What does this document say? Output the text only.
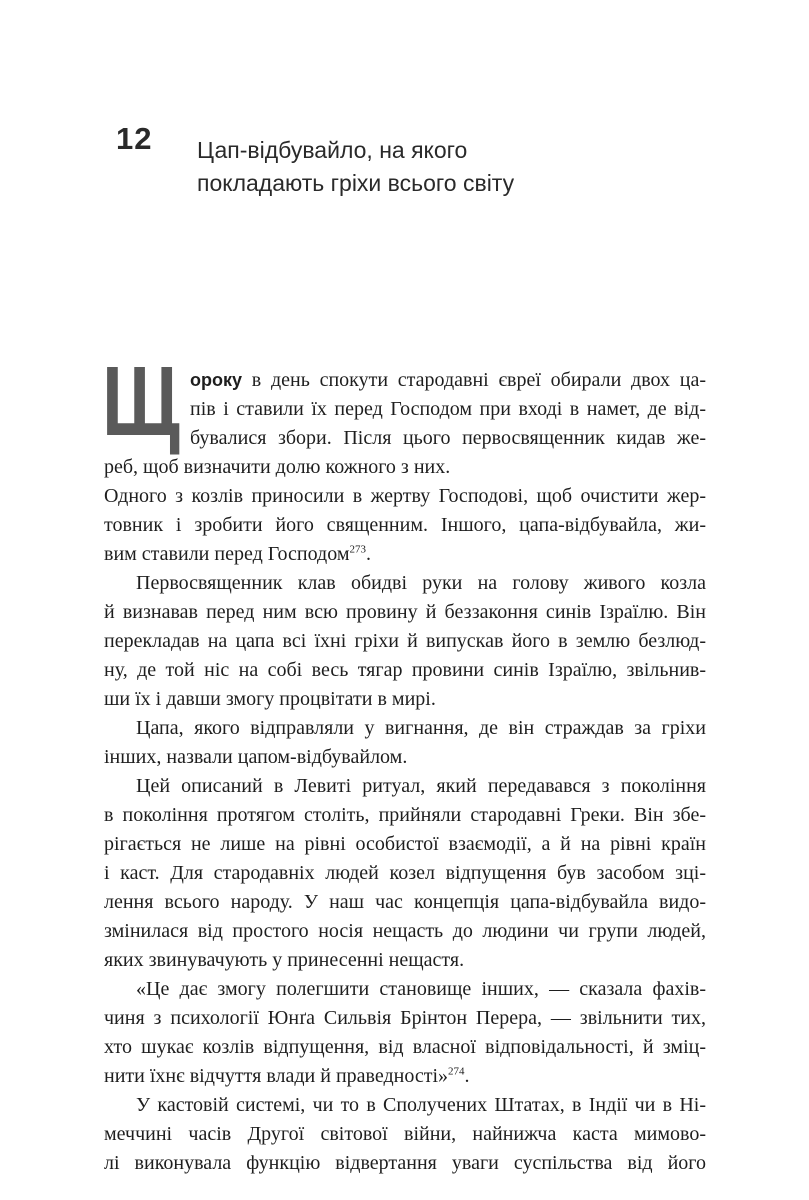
12 Цап-відбувайло, на якого
покладають гріхи всього світу
Щ ороку в день спокути стародавні євреї обирали двох ца-
пів і ставили їх перед Господом при вході в намет, де від-
бувалися збори. Після цього первосвященник кидав же-
реб, щоб визначити долю кожного з них.
Одного з козлів приносили в жертву Господові, щоб очистити жер-
товник і зробити його священним. Іншого, цапа-відбувайла, жи-
вим ставили перед Господом$^{273}$.
Первосвященник клав обидві руки на голову живого козла
й визнавав перед ним всю провину й беззаконня синів Ізраїлю. Він
перекладав на цапа всі їхні гріхи й випускав його в землю безлюд-
ну, де той ніс на собі весь тягар провини синів Ізраїлю, звільнив-
ши їх і давши змогу процвітати в мирі.
Цапа, якого відправляли у вигнання, де він страждав за гріхи
інших, назвали цапом-відбувайлом.
Цей описаний в Левиті ритуал, який передавався з покоління
в покоління протягом століть, прийняли стародавні Греки. Він збе-
рігається не лише на рівні особистої взаємодії, а й на рівні країн
і каст. Для стародавніх людей козел відпущення був засобом зці-
лення всього народу. У наш час концепція цапа-відбувайла видо-
змінилася від простого носія нещасть до людини чи групи людей,
яких звинувачують у принесенні нещастя.
«Це дає змогу полегшити становище інших, — сказала фахів-
чиня з психології Юнґа Сильвія Брінтон Перера, — звільнити тих,
хто шукає козлів відпущення, від власної відповідальності, й зміц-
нити їхнє відчуття влади й праведності»$^{274}$.
У кастовій системі, чи то в Сполучених Штатах, в Індії чи в Ні-
меччині часів Другої світової війни, найнижча каста мимово-
лі виконувала функцію відвертання уваги суспільства від його
